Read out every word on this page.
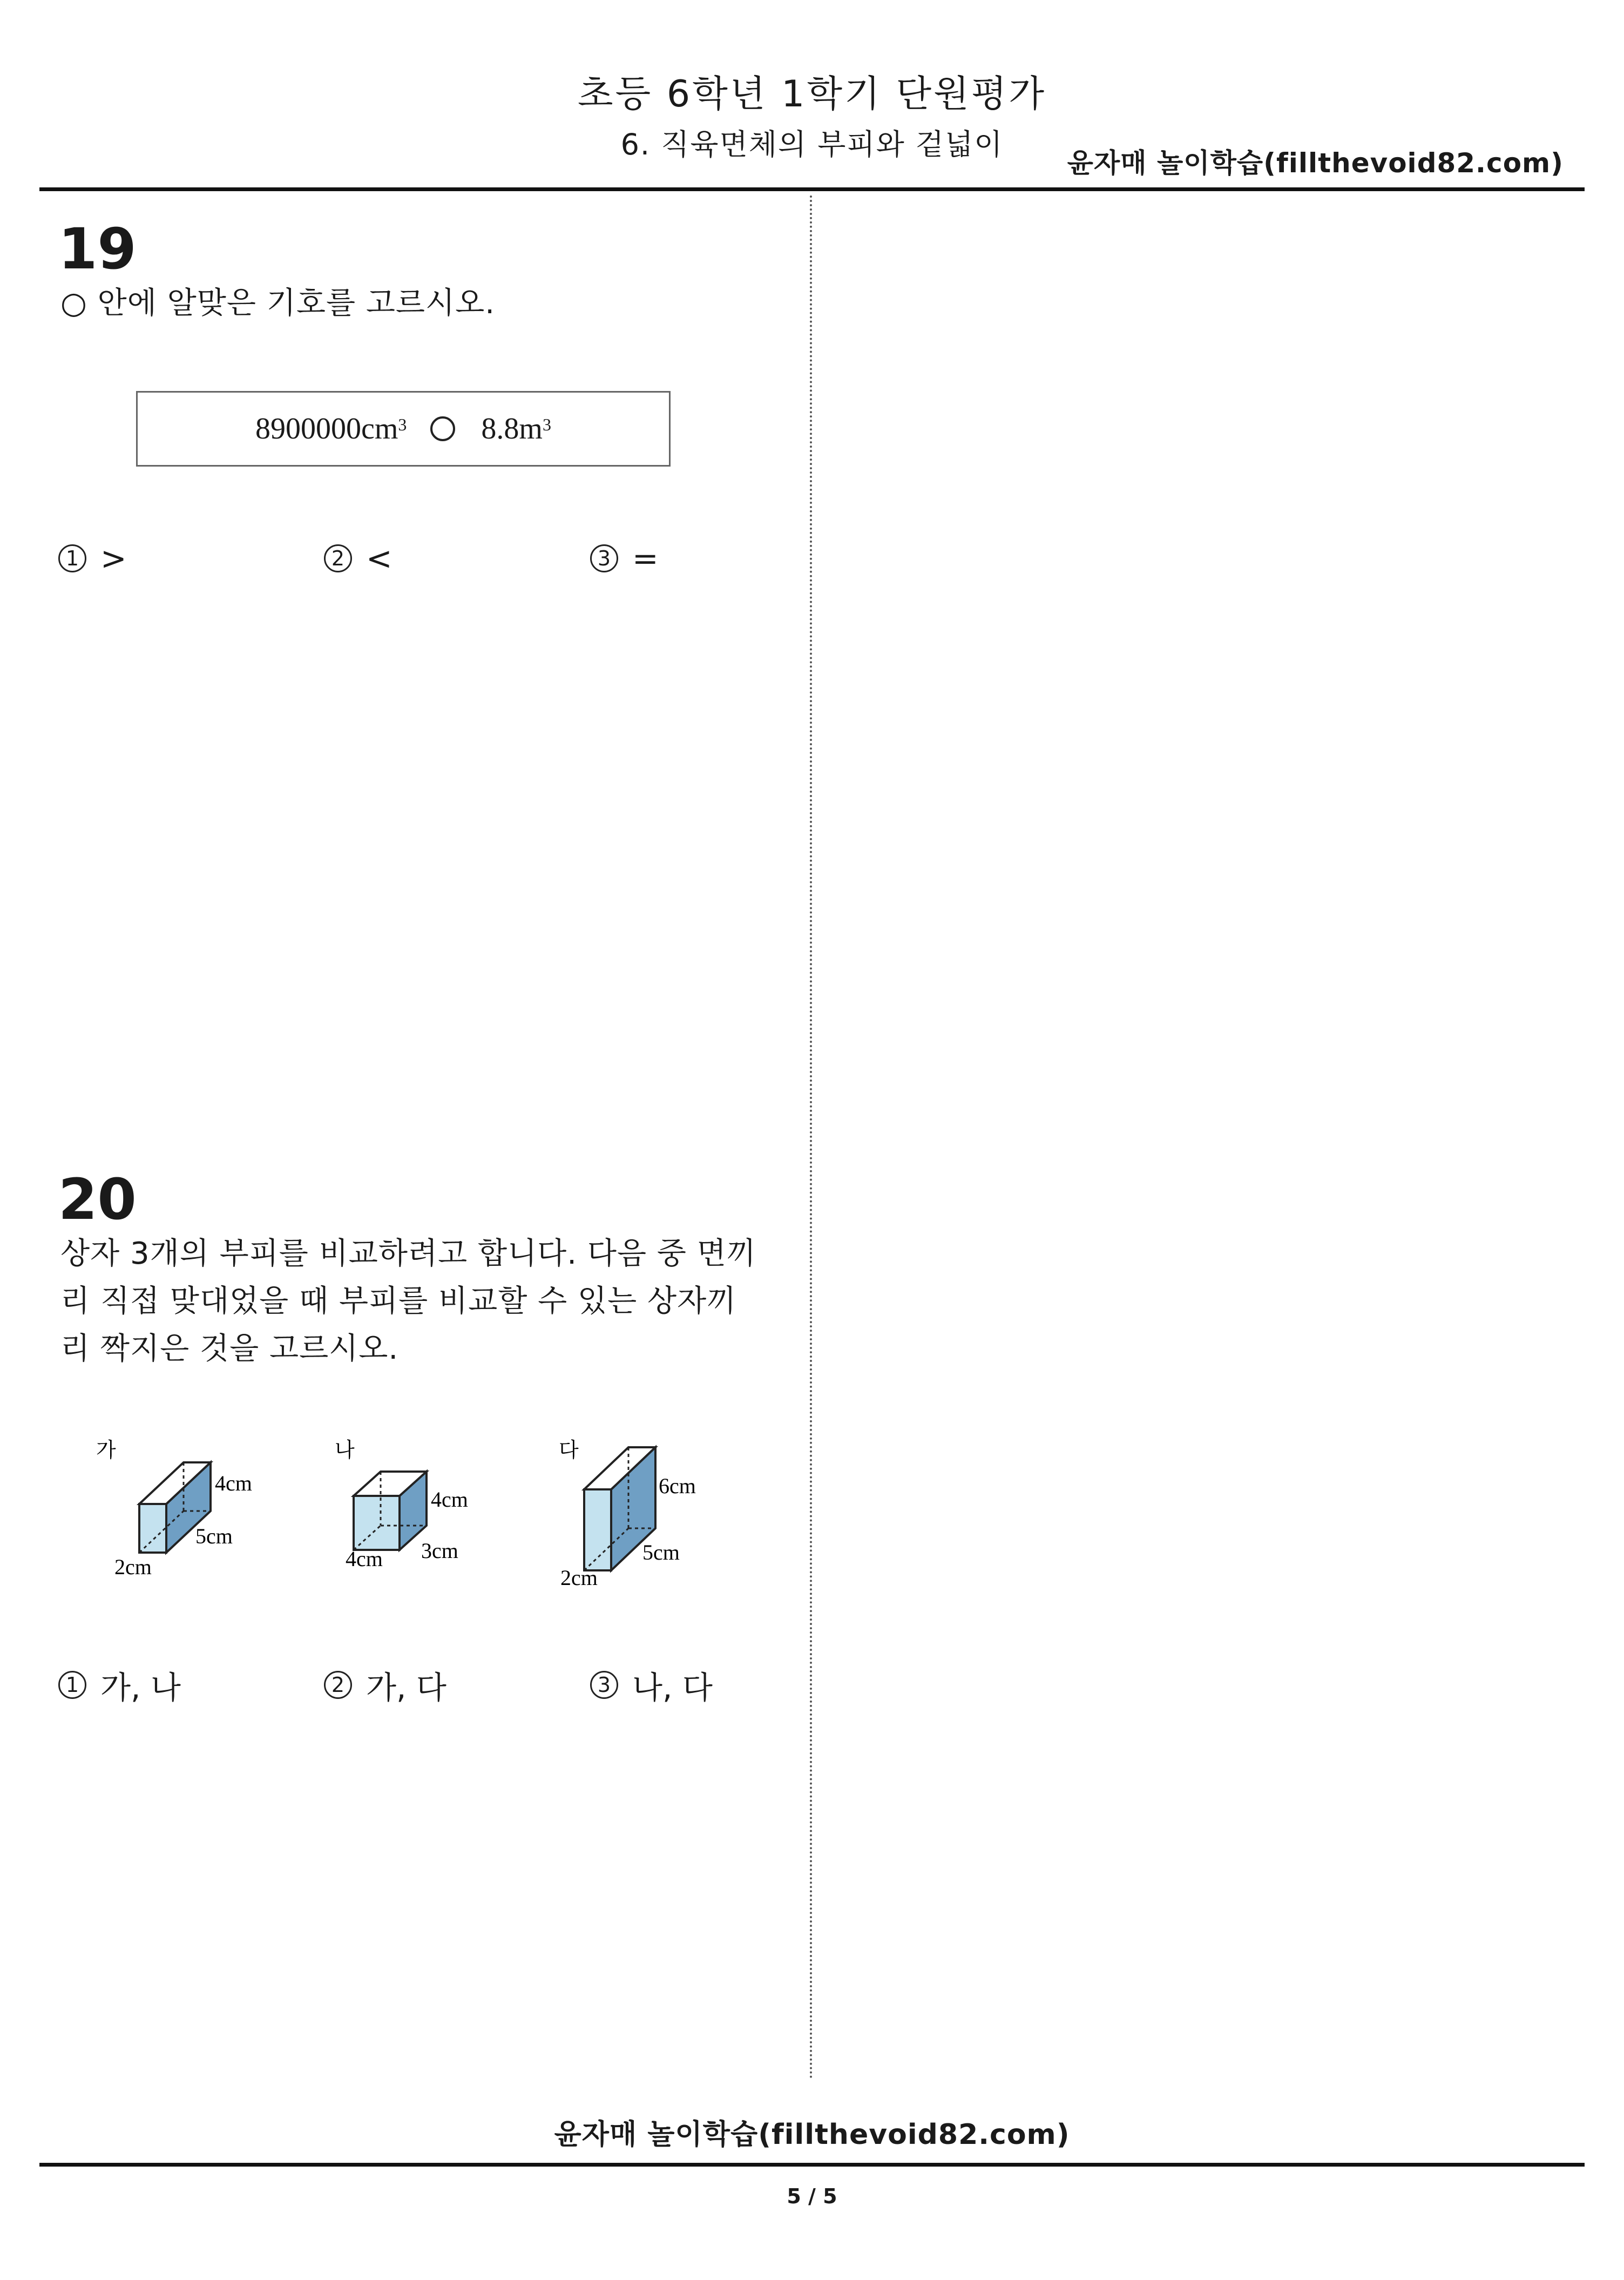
초등 6학년 1학기 단원평가
6. 직육면체의 부피와 겉넓이
윤자매 놀이학습(fillthevoid82.com)
19
○ 안에 알맞은 기호를 고르시오.
$8900000cm^3$ $8.8m^3$
1 >	2 <	3 =
20
상자 3개의 부피를 비교하려고 합니다. 다음 중 면끼
리 직접 맞대었을 때 부피를 비교할 수 있는 상자끼
리 짝지은 것을 고르시오.
가
4cm
5cm
2cm
나
4cm
3cm
4cm
다
6cm
5cm
2cm
1 가, 나	2 가, 다	3 나, 다
윤자매 놀이학습(fillthevoid82.com)
5 / 5
